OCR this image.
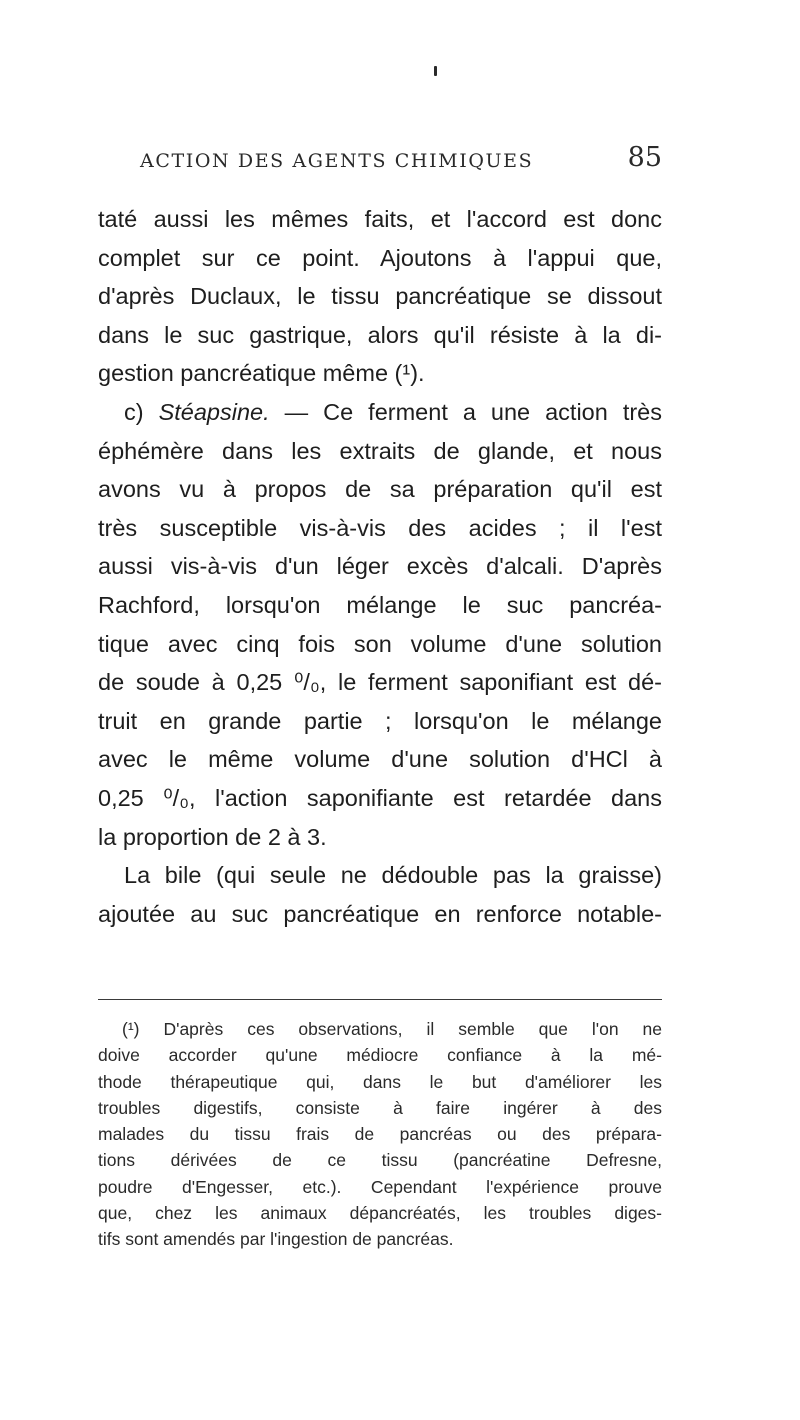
ACTION DES AGENTS CHIMIQUES	85
taté aussi les mêmes faits, et l'accord est donc
complet sur ce point. Ajoutons à l'appui que,
d'après Duclaux, le tissu pancréatique se dissout
dans le suc gastrique, alors qu'il résiste à la di-
gestion pancréatique même (¹).
c) Stéapsine. — Ce ferment a une action très
éphémère dans les extraits de glande, et nous
avons vu à propos de sa préparation qu'il est
très susceptible vis-à-vis des acides ; il l'est
aussi vis-à-vis d'un léger excès d'alcali. D'après
Rachford, lorsqu'on mélange le suc pancréa-
tique avec cinq fois son volume d'une solution
de soude à 0,25 ⁰/₀, le ferment saponifiant est dé-
truit en grande partie ; lorsqu'on le mélange
avec le même volume d'une solution d'HCl à
0,25 ⁰/₀, l'action saponifiante est retardée dans
la proportion de 2 à 3.
La bile (qui seule ne dédouble pas la graisse)
ajoutée au suc pancréatique en renforce notable-
(¹) D'après ces observations, il semble que l'on ne
doive accorder qu'une médiocre confiance à la mé-
thode thérapeutique qui, dans le but d'améliorer les
troubles digestifs, consiste à faire ingérer à des
malades du tissu frais de pancréas ou des prépara-
tions dérivées de ce tissu (pancréatine Defresne,
poudre d'Engesser, etc.). Cependant l'expérience prouve
que, chez les animaux dépancréatés, les troubles diges-
tifs sont amendés par l'ingestion de pancréas.
